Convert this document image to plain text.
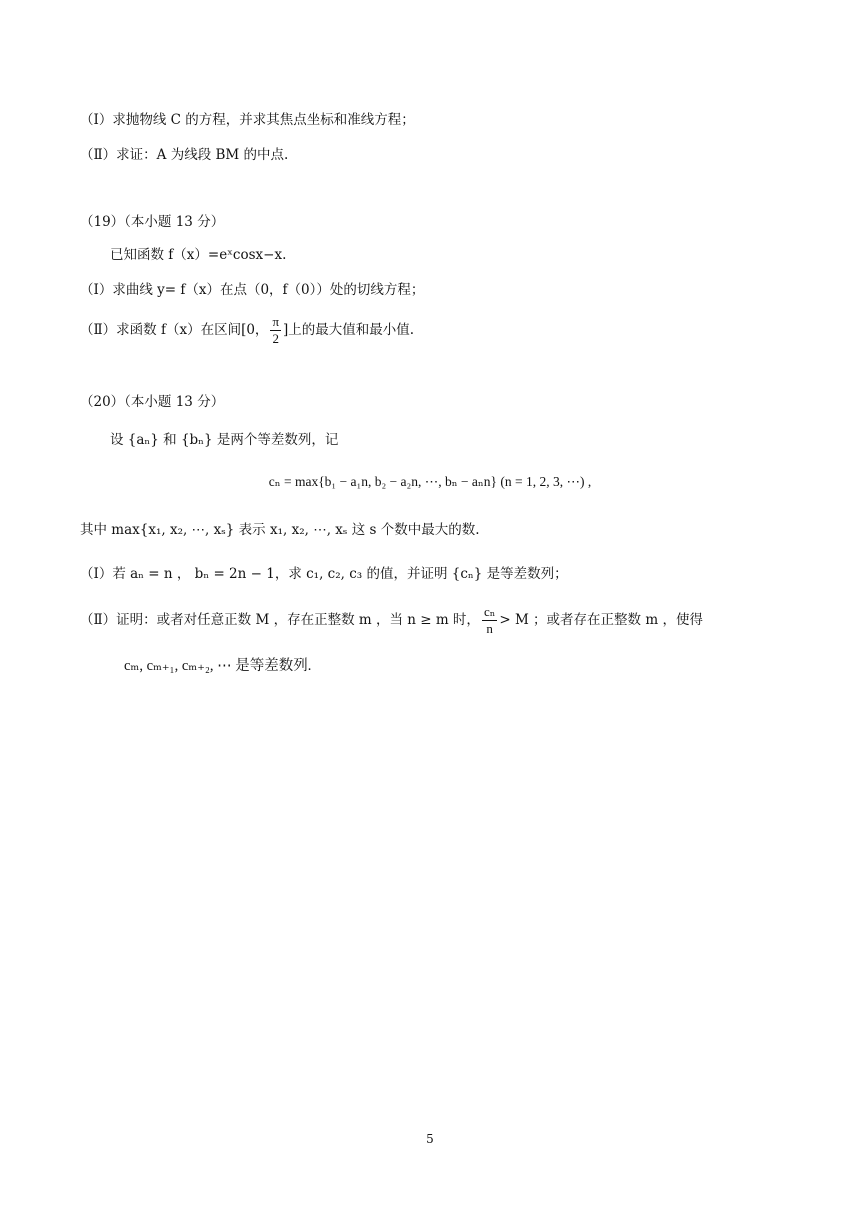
（Ⅰ）求抛物线 C 的方程，并求其焦点坐标和准线方程；
（Ⅱ）求证：A 为线段 BM 的中点.
（19）（本小题 13 分）
已知函数 f（x）=eˣcosx−x.
（Ⅰ）求曲线 y= f（x）在点（0，f（0））处的切线方程；
（Ⅱ）求函数 f（x）在区间[0， $\frac{\pi}{2}$ ]上的最大值和最小值.
（20）（本小题 13 分）
设 {aₙ} 和 {bₙ} 是两个等差数列，记
cₙ = max{b₁ − a₁n, b₂ − a₂n, ⋯, bₙ − aₙn} (n = 1, 2, 3, ⋯) ,
其中 max{x₁, x₂, ⋯, xₛ} 表示 x₁, x₂, ⋯, xₛ 这 s 个数中最大的数.
（Ⅰ）若 aₙ = n ， bₙ = 2n − 1，求 c₁, c₂, c₃ 的值，并证明 {cₙ} 是等差数列；
（Ⅱ）证明：或者对任意正数 M ，存在正整数 m ，当 n ≥ m 时， $\frac{\text{cₙ}}{n} > M$ ；或者存在正整数 m ，使得
cₘ, cₘ₊₁, cₘ₊₂, ⋯ 是等差数列.
5
